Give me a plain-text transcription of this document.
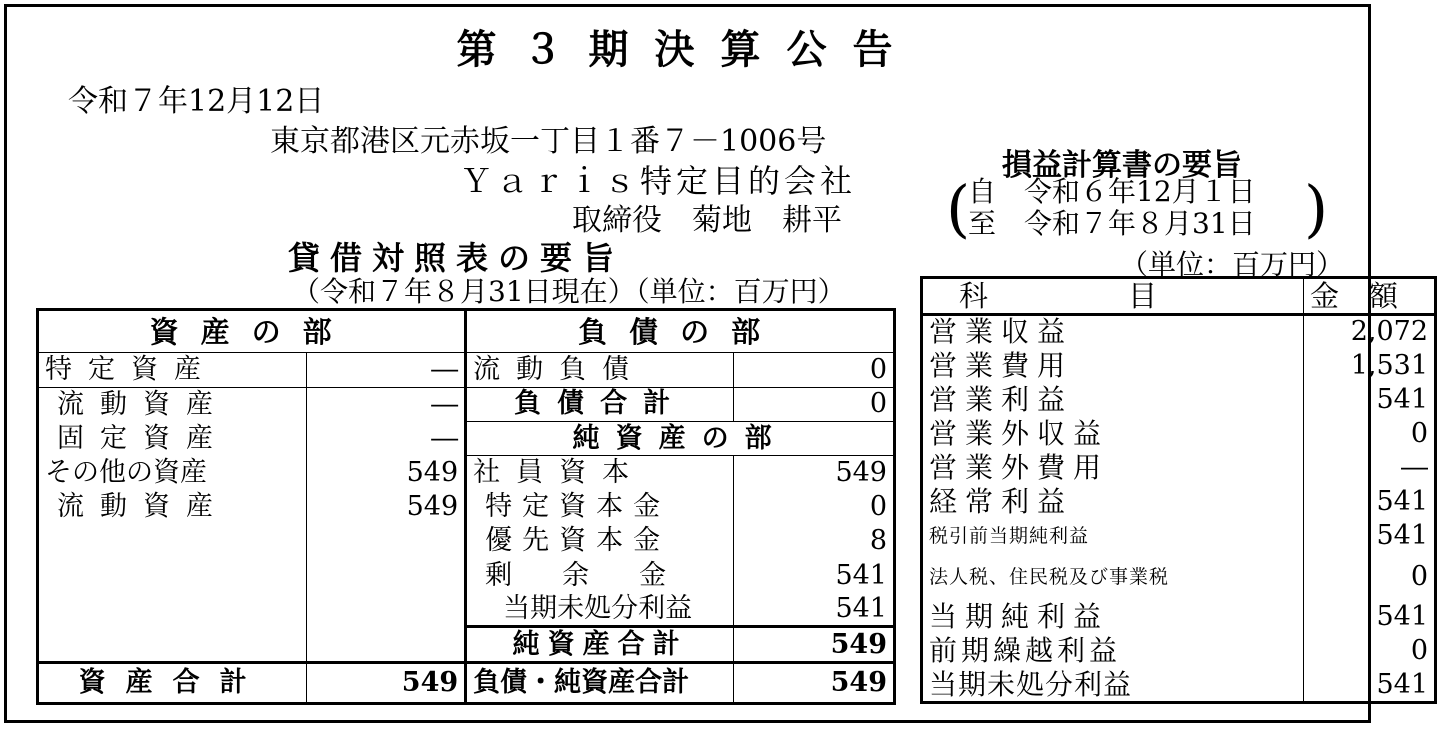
第３期決算公告
令和７年12月12日
東京都港区元赤坂一丁目１番７－1006号
Ｙａｒｉｓ特定目的会社
取締役　菊地　耕平
貸借対照表の要旨
（令和７年８月31日現在）（単位：百万円）
損益計算書の要旨
(
自　令和６年12月１日
至　令和７年８月31日 )
（単位：百万円）
資産の部		負債の部	
特定資産	―	流動負債	0
流動資産	―	負債合計	0
固定資産	―	純資産の部	
その他の資産	549	社員資本	549
流動資産	549	特定資本金	0
		優先資本金	8
		剰余金	541
		当期未処分利益	541
		純資産合計	549
資産合計	549	負債・純資産合計	549
科目	金額
営業収益	2,072
営業費用	1,531
営業利益	541
営業外収益	0
営業外費用	―
経常利益	541
税引前当期純利益	541
法人税、住民税及び事業税	0
当期純利益	541
前期繰越利益	0
当期未処分利益	541
